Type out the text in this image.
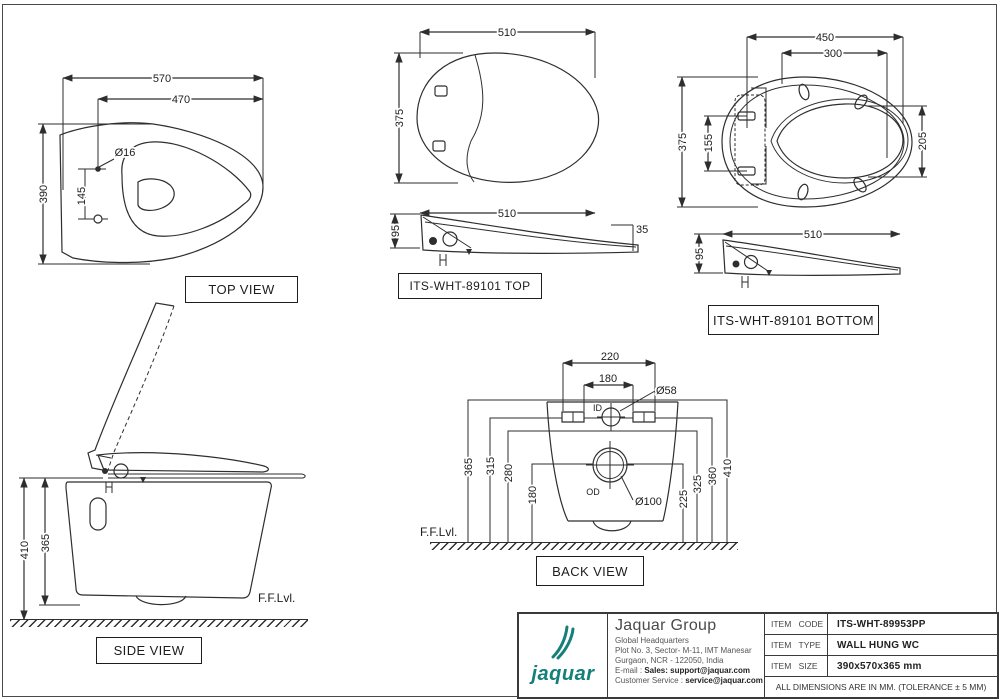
570
470
390 145
Ø16
TOP VIEW
510
375
510
95	35
ITS-WHT-89101 TOP
450
300
375 155	205
510
95
ITS-WHT-89101 BOTTOM
410 365
F.F.Lvl.
SIDE VIEW
365 315 280
180	225
325 360 410
220
180
ID
Ø58
OD
Ø100
F.F.Lvl.
BACK VIEW
jaquar
Jaquar Group
Global Headquarters
Plot No. 3, Sector- M-11, IMT Manesar
Gurgaon, NCR - 122050, India
E-mail : Sales: support@jaquar.com
Customer Service : service@jaquar.com
ITEM CODE	ITS-WHT-89953PP
ITEM TYPE	WALL HUNG WC
ITEM SIZE	390x570x365 mm
ALL DIMENSIONS ARE IN MM. (TOLERANCE ± 5 MM)
